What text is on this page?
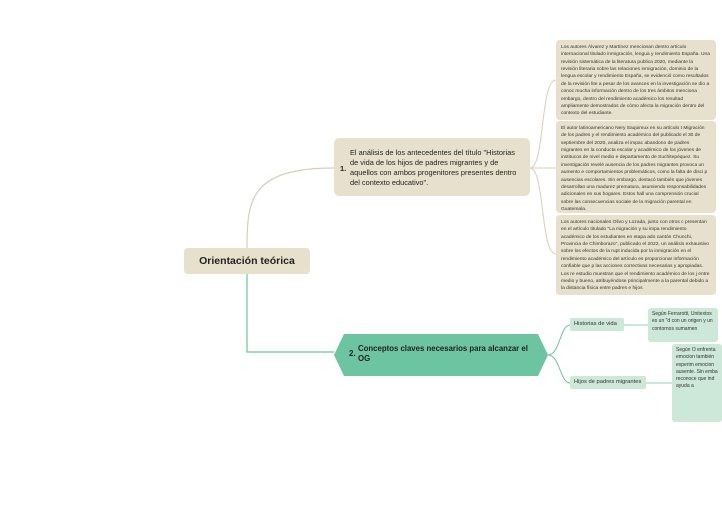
Orientación teórica
1.
El análisis de los antecedentes del título "Historias de vida de los hijos de padres migrantes y de aquellos con ambos progenitores presentes dentro del contexto educativo".
Los autores Álvarez y Martínez mencionan dentro artículo internacional titulado inmigración, lengua y rendimiento España. Una revisión sistemática de la literatura publica 2020, mediante la revisión literaria sobre las relaciones inmigración, dominio de la lengua escolar y rendimiento España, se evidenció como resultados de la revisión lite a pesar de los avances en la investigación se dio a conoc mucha información dentro de los tres ámbitos menciona embargo, dentro del rendimiento académico los resultad ampliamente demostrados de cómo afecta la migración dentro del contexto del estudiante.
El autor latinoamericano Nery Saquimux en su artículo t Migración de los padres y el rendimiento académico del publicado el 30 de septiembre del 2020, analiza el impac abandono de padres migrantes en la conducta escolar y académico de los jóvenes de institucos de nivel medio e departamento de Suchitepéquez. Su investigación revelé ausencia de los padres migrantes provoca un aumento e comportamientos problemáticos, como la falta de disci p ausencias escolares. Sin embargo, destacó también que jóvenes desarrollan una madurez prematura, asumiendo responsabilidades adicionales en sus hogares. Estos hall una comprensión crucial sobre las consecuencias sociale de la migración parental en Guatemala.
Los autores nacionales Olivo y Lozada, junto con otros c presentan en el artículo titulado "La migración y su impa rendimiento académico de los estudiantes en etapa ado cantón Chunchi, Provincia de Chimborazo", publicado el 2022, un análisis exhaustivo sobre los efectos de la rupt inducida por la inmigración en el rendimiento académico del artículo es proporcionar información confiable que p las acciones correctivas necesarias y apropiadas. Los re estudio muestran que el rendimiento académico de los j entre medio y bueno, atribuyéndose principalmente a la parental debido a la distancia física entre padres e hijos
2.
Conceptos claves necesarios para alcanzar el OG
Historias de vida
Hijos de padres migrantes
Según Ferrarotti, Unitextos es un "d con un origen y un contornos sumamen
Según O enfrenta emocion también experim emocion ausente. Sin emba reconoce que ind ayuda a
